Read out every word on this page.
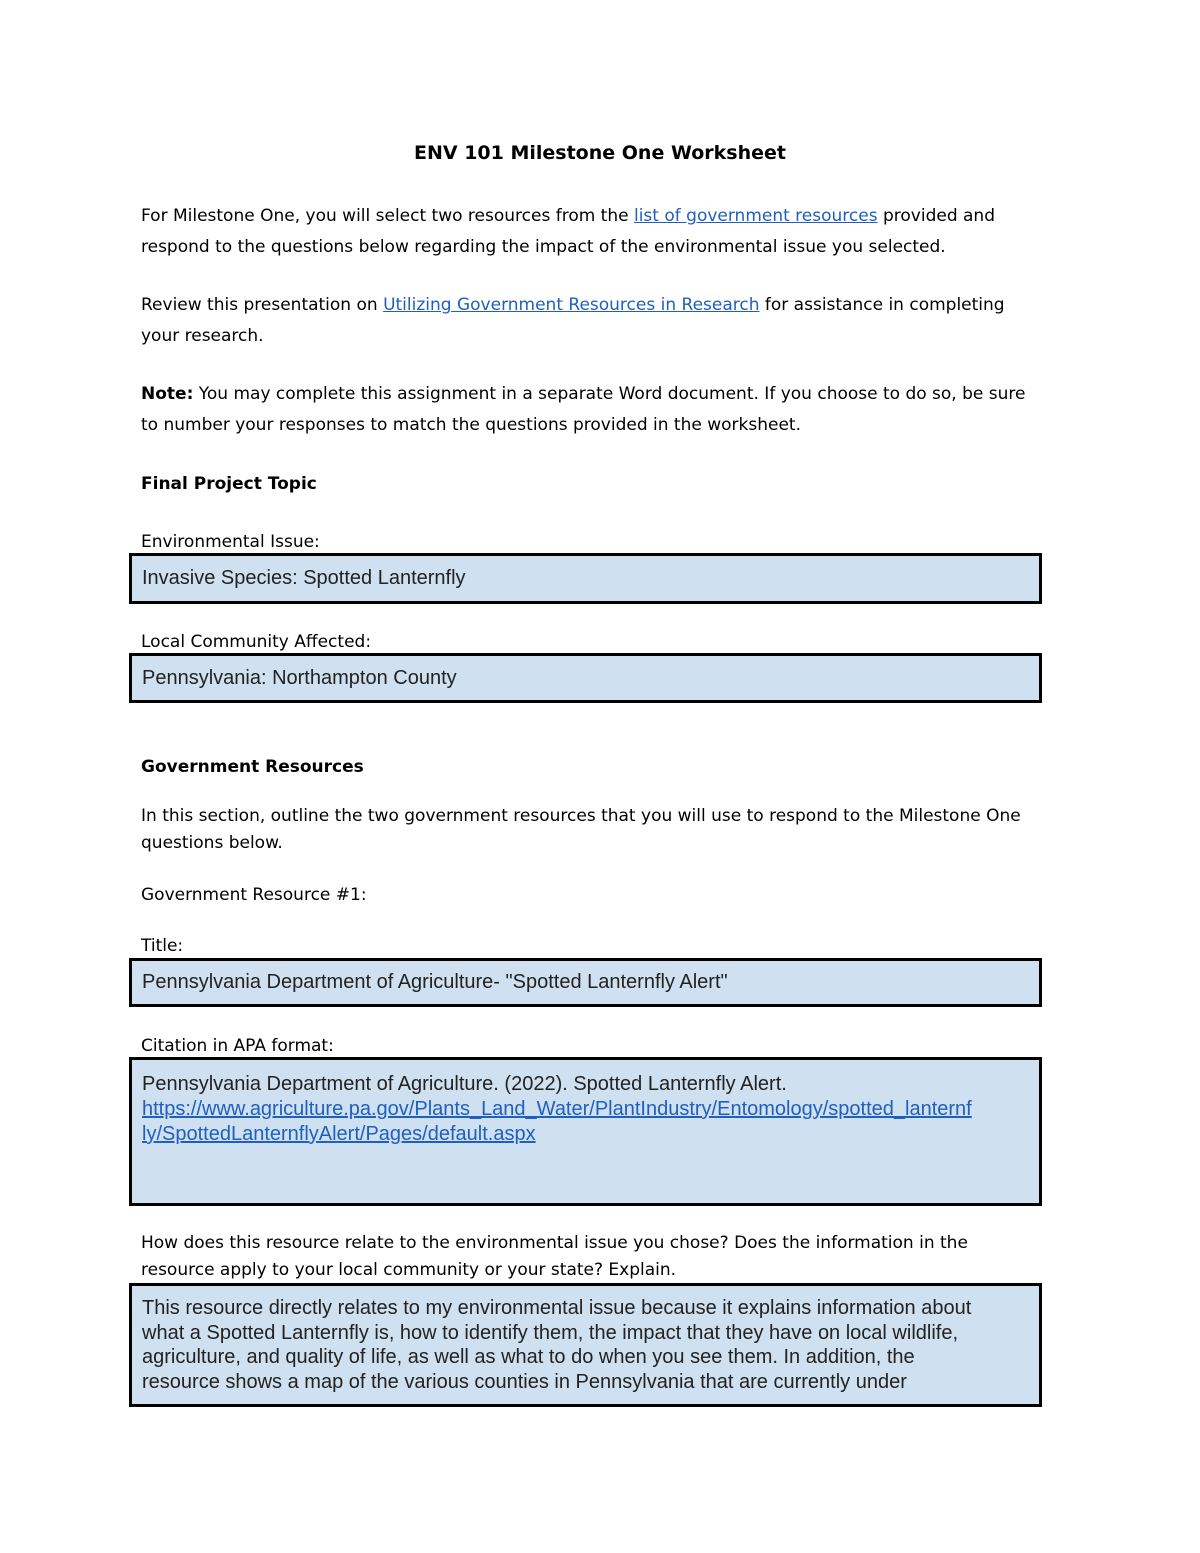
ENV 101 Milestone One Worksheet

For Milestone One, you will select two resources from the list of government resources provided and

respond to the questions below regarding the impact of the environmental issue you selected.

Review this presentation on Utilizing Government Resources in Research for assistance in completing

your research.

Note: You may complete this assignment in a separate Word document. If you choose to do so, be sure

to number your responses to match the questions provided in the worksheet.

Final Project Topic

Environmental Issue:

Invasive Species: Spotted Lanternfly

Local Community Affected:

Pennsylvania: Northampton County

Government Resources

In this section, outline the two government resources that you will use to respond to the Milestone One

questions below.

Government Resource #1:

Title:

Pennsylvania Department of Agriculture- "Spotted Lanternfly Alert"

Citation in APA format:

Pennsylvania Department of Agriculture. (2022). Spotted Lanternfly Alert.
https://www.agriculture.pa.gov/Plants_Land_Water/PlantIndustry/Entomology/spotted_lanternf
ly/SpottedLanternflyAlert/Pages/default.aspx

How does this resource relate to the environmental issue you chose? Does the information in the

resource apply to your local community or your state? Explain.

This resource directly relates to my environmental issue because it explains information about
what a Spotted Lanternfly is, how to identify them, the impact that they have on local wildlife,
agriculture, and quality of life, as well as what to do when you see them. In addition, the
resource shows a map of the various counties in Pennsylvania that are currently under
